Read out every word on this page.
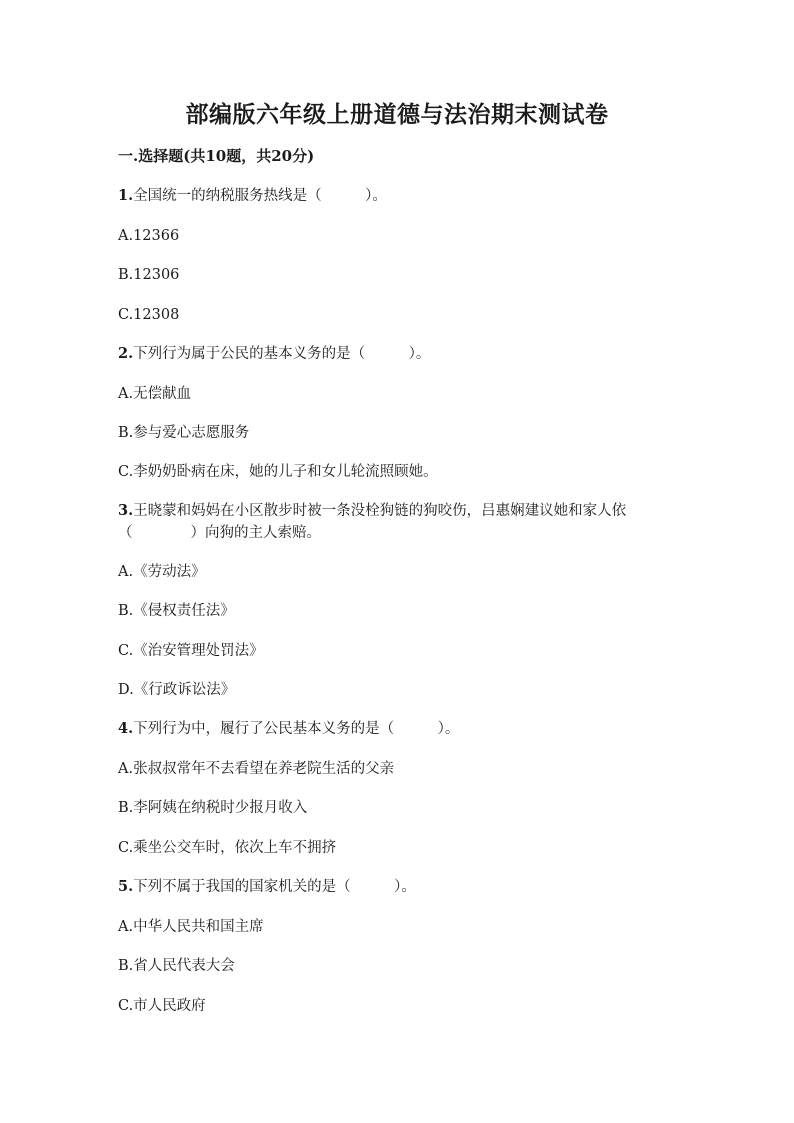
部编版六年级上册道德与法治期末测试卷
一.选择题(共10题，共20分)
1.全国统一的纳税服务热线是（　　　）。
A.12366
B.12306
C.12308
2.下列行为属于公民的基本义务的是（　　　）。
A.无偿献血
B.参与爱心志愿服务
C.李奶奶卧病在床，她的儿子和女儿轮流照顾她。
3.王晓蒙和妈妈在小区散步时被一条没栓狗链的狗咬伤，吕惠娴建议她和家人依（　　　　）向狗的主人索赔。
A.《劳动法》
B.《侵权责任法》
C.《治安管理处罚法》
D.《行政诉讼法》
4.下列行为中，履行了公民基本义务的是（　　　）。
A.张叔叔常年不去看望在养老院生活的父亲
B.李阿姨在纳税时少报月收入
C.乘坐公交车时，依次上车不拥挤
5.下列不属于我国的国家机关的是（　　　）。
A.中华人民共和国主席
B.省人民代表大会
C.市人民政府
